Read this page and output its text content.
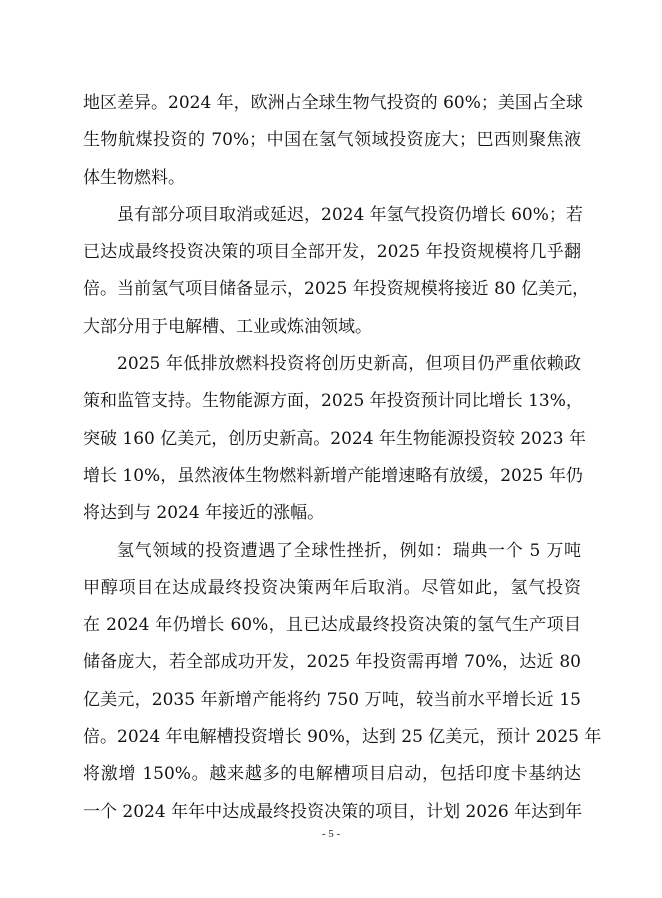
地区差异。2024 年，欧洲占全球生物气投资的 60%；美国占全球
生物航煤投资的 70%；中国在氢气领域投资庞大；巴西则聚焦液
体生物燃料。
虽有部分项目取消或延迟，2024 年氢气投资仍增长 60%；若
已达成最终投资决策的项目全部开发，2025 年投资规模将几乎翻
倍。当前氢气项目储备显示，2025 年投资规模将接近 80 亿美元，
大部分用于电解槽、工业或炼油领域。
2025 年低排放燃料投资将创历史新高，但项目仍严重依赖政
策和监管支持。生物能源方面，2025 年投资预计同比增长 13%，
突破 160 亿美元，创历史新高。2024 年生物能源投资较 2023 年
增长 10%，虽然液体生物燃料新增产能增速略有放缓，2025 年仍
将达到与 2024 年接近的涨幅。
氢气领域的投资遭遇了全球性挫折，例如：瑞典一个 5 万吨
甲醇项目在达成最终投资决策两年后取消。尽管如此，氢气投资
在 2024 年仍增长 60%，且已达成最终投资决策的氢气生产项目
储备庞大，若全部成功开发，2025 年投资需再增 70%，达近 80
亿美元，2035 年新增产能将约 750 万吨，较当前水平增长近 15
倍。2024 年电解槽投资增长 90%，达到 25 亿美元，预计 2025 年
将激增 150%。越来越多的电解槽项目启动，包括印度卡基纳达
一个 2024 年年中达成最终投资决策的项目，计划 2026 年达到年
- 5 -
